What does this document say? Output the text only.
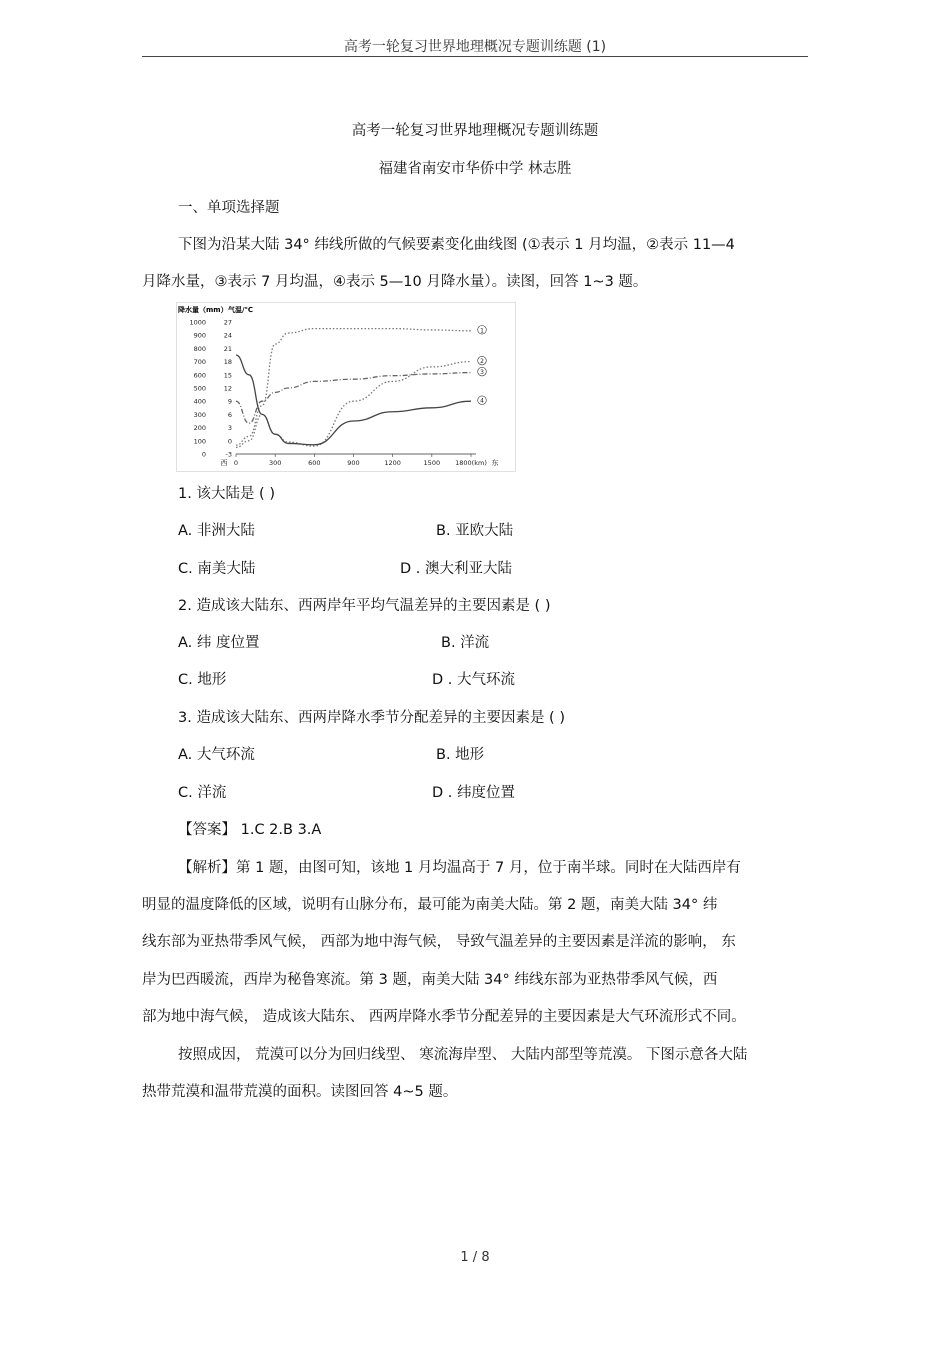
高考一轮复习世界地理概况专题训练题 (1)
高考一轮复习世界地理概况专题训练题
福建省南安市华侨中学 林志胜
一、单项选择题
下图为沿某大陆 34° 纬线所做的气候要素变化曲线图 (①表示 1 月均温，②表示 11—4
月降水量，③表示 7 月均温，④表示 5—10 月降水量）。读图，回答 1~3 题。
降水量（mm） 气温/℃
1000
900
800
700
600
500
400
300
200
100
0
27
24
21
18
15
12
9
6
3
0
-3
0	300	600	900	1200	1500 1800(km)
西	东
1
2
3
4
1. 该大陆是 ( )
A. 非洲大陆	B. 亚欧大陆
C. 南美大陆	D . 澳大利亚大陆
2. 造成该大陆东、西两岸年平均气温差异的主要因素是 ( )
A. 纬 度位置	B. 洋流
C. 地形	D . 大气环流
3. 造成该大陆东、西两岸降水季节分配差异的主要因素是 ( )
A. 大气环流	B. 地形
C. 洋流	D . 纬度位置
【答案】 1.C 2.B 3.A
【解析】第 1 题，由图可知，该地 1 月均温高于 7 月，位于南半球。同时在大陆西岸有
明显的温度降低的区域，说明有山脉分布，最可能为南美大陆。第 2 题，南美大陆 34° 纬
线东部为亚热带季风气候， 西部为地中海气候， 导致气温差异的主要因素是洋流的影响， 东
岸为巴西暖流，西岸为秘鲁寒流。第 3 题，南美大陆 34° 纬线东部为亚热带季风气候，西
部为地中海气候， 造成该大陆东、 西两岸降水季节分配差异的主要因素是大气环流形式不同。
按照成因， 荒漠可以分为回归线型、 寒流海岸型、 大陆内部型等荒漠。 下图示意各大陆
热带荒漠和温带荒漠的面积。读图回答 4~5 题。
1 / 8
